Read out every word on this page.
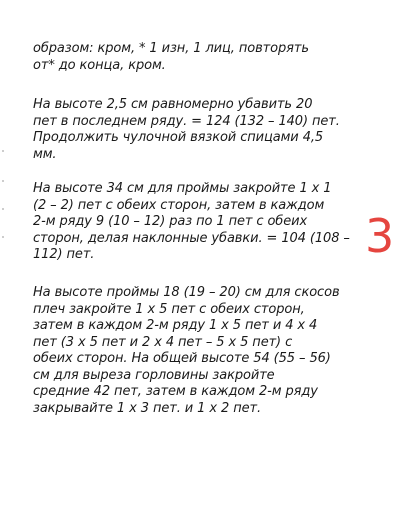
образом: кром, * 1 изн, 1 лиц, повторять
от* до конца, кром.
На высоте 2,5 см равномерно убавить 20
пет в последнем ряду. = 124 (132 – 140) пет.
Продолжить чулочной вязкой спицами 4,5
мм.
На высоте 34 см для проймы закройте 1 х 1
(2 – 2) пет с обеих сторон, затем в каждом
2-м ряду 9 (10 – 12) раз по 1 пет с обеих
сторон, делая наклонные убавки. = 104 (108 –
112) пет.
На высоте проймы 18 (19 – 20) см для скосов
плеч закройте 1 х 5 пет с обеих сторон,
затем в каждом 2-м ряду 1 х 5 пет и 4 х 4
пет (3 х 5 пет и 2 х 4 пет – 5 х 5 пет) с
обеих сторон. На общей высоте 54 (55 – 56)
см для выреза горловины закройте
средние 42 пет, затем в каждом 2-м ряду
закрывайте 1 х 3 пет. и 1 х 2 пет.
3
